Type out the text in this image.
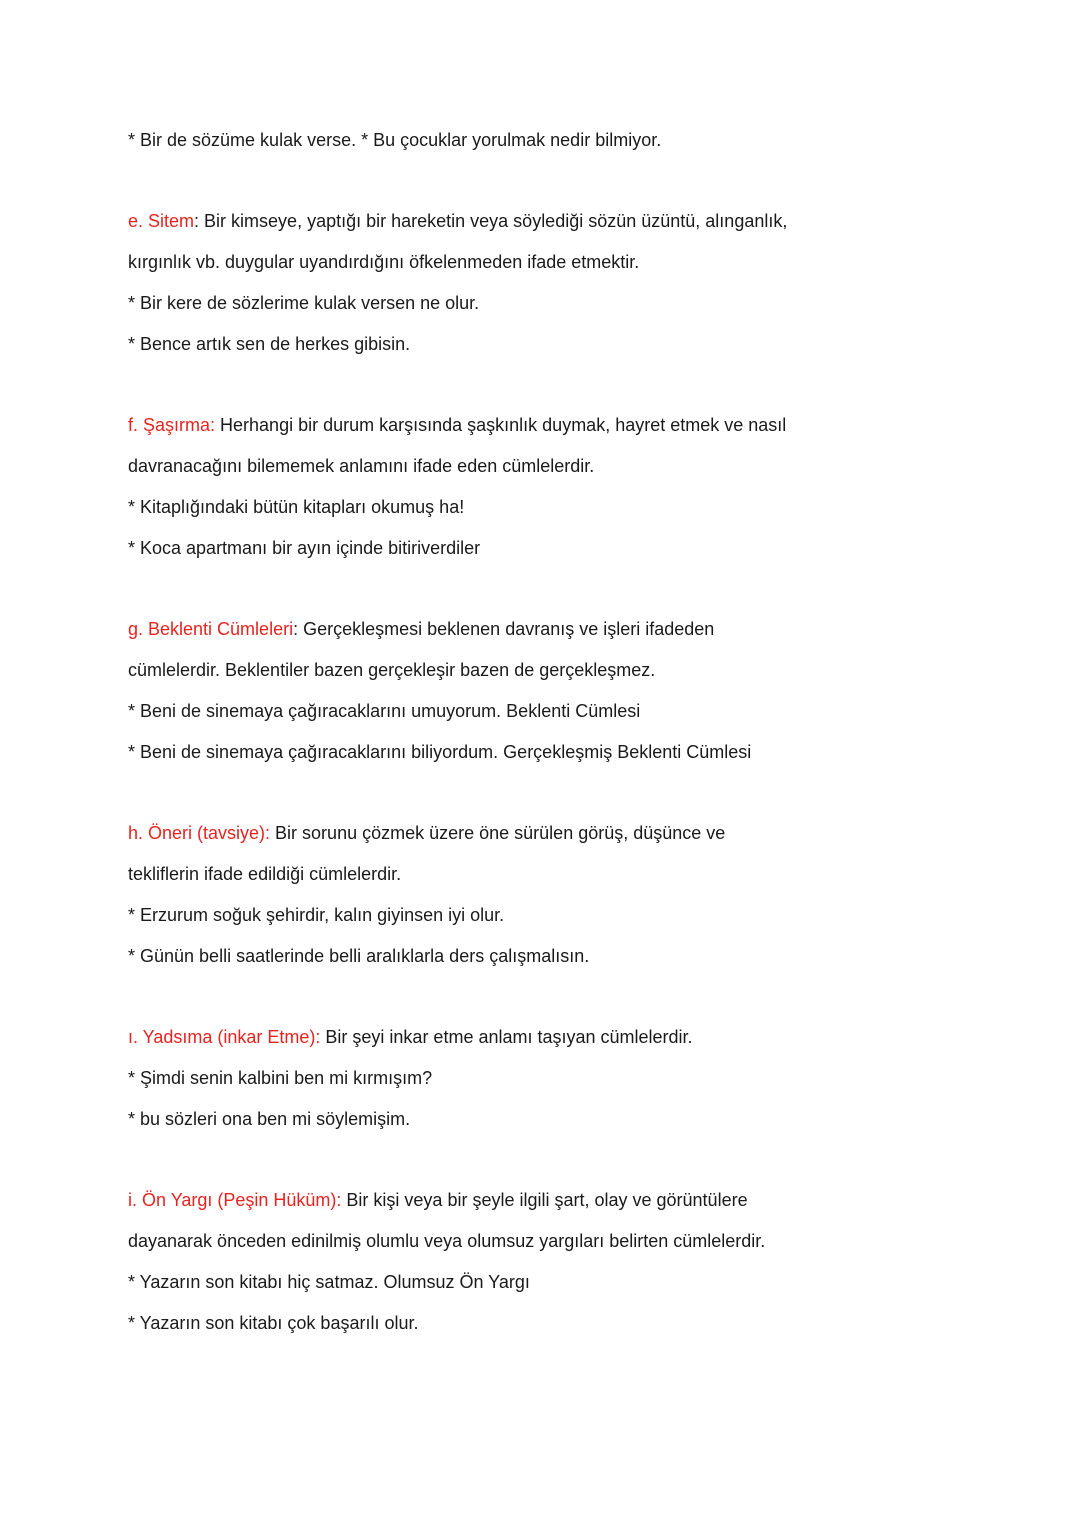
* Bir de sözüme kulak verse. * Bu çocuklar yorulmak nedir bilmiyor.

e. Sitem: Bir kimseye, yaptığı bir hareketin veya söylediği sözün üzüntü, alınganlık,

kırgınlık vb. duygular uyandırdığını öfkelenmeden ifade etmektir.

* Bir kere de sözlerime kulak versen ne olur.

* Bence artık sen de herkes gibisin.

f. Şaşırma: Herhangi bir durum karşısında şaşkınlık duymak, hayret etmek ve nasıl

davranacağını bilememek anlamını ifade eden cümlelerdir.

* Kitaplığındaki bütün kitapları okumuş ha!

* Koca apartmanı bir ayın içinde bitiriverdiler

g. Beklenti Cümleleri: Gerçekleşmesi beklenen davranış ve işleri ifadeden

cümlelerdir. Beklentiler bazen gerçekleşir bazen de gerçekleşmez.

* Beni de sinemaya çağıracaklarını umuyorum. Beklenti Cümlesi

* Beni de sinemaya çağıracaklarını biliyordum. Gerçekleşmiş Beklenti Cümlesi

h. Öneri (tavsiye): Bir sorunu çözmek üzere öne sürülen görüş, düşünce ve

tekliflerin ifade edildiği cümlelerdir.

* Erzurum soğuk şehirdir, kalın giyinsen iyi olur.

* Günün belli saatlerinde belli aralıklarla ders çalışmalısın.

ı. Yadsıma (inkar Etme): Bir şeyi inkar etme anlamı taşıyan cümlelerdir.

* Şimdi senin kalbini ben mi kırmışım?

* bu sözleri ona ben mi söylemişim.

i. Ön Yargı (Peşin Hüküm): Bir kişi veya bir şeyle ilgili şart, olay ve görüntülere

dayanarak önceden edinilmiş olumlu veya olumsuz yargıları belirten cümlelerdir.

* Yazarın son kitabı hiç satmaz. Olumsuz Ön Yargı

* Yazarın son kitabı çok başarılı olur.
